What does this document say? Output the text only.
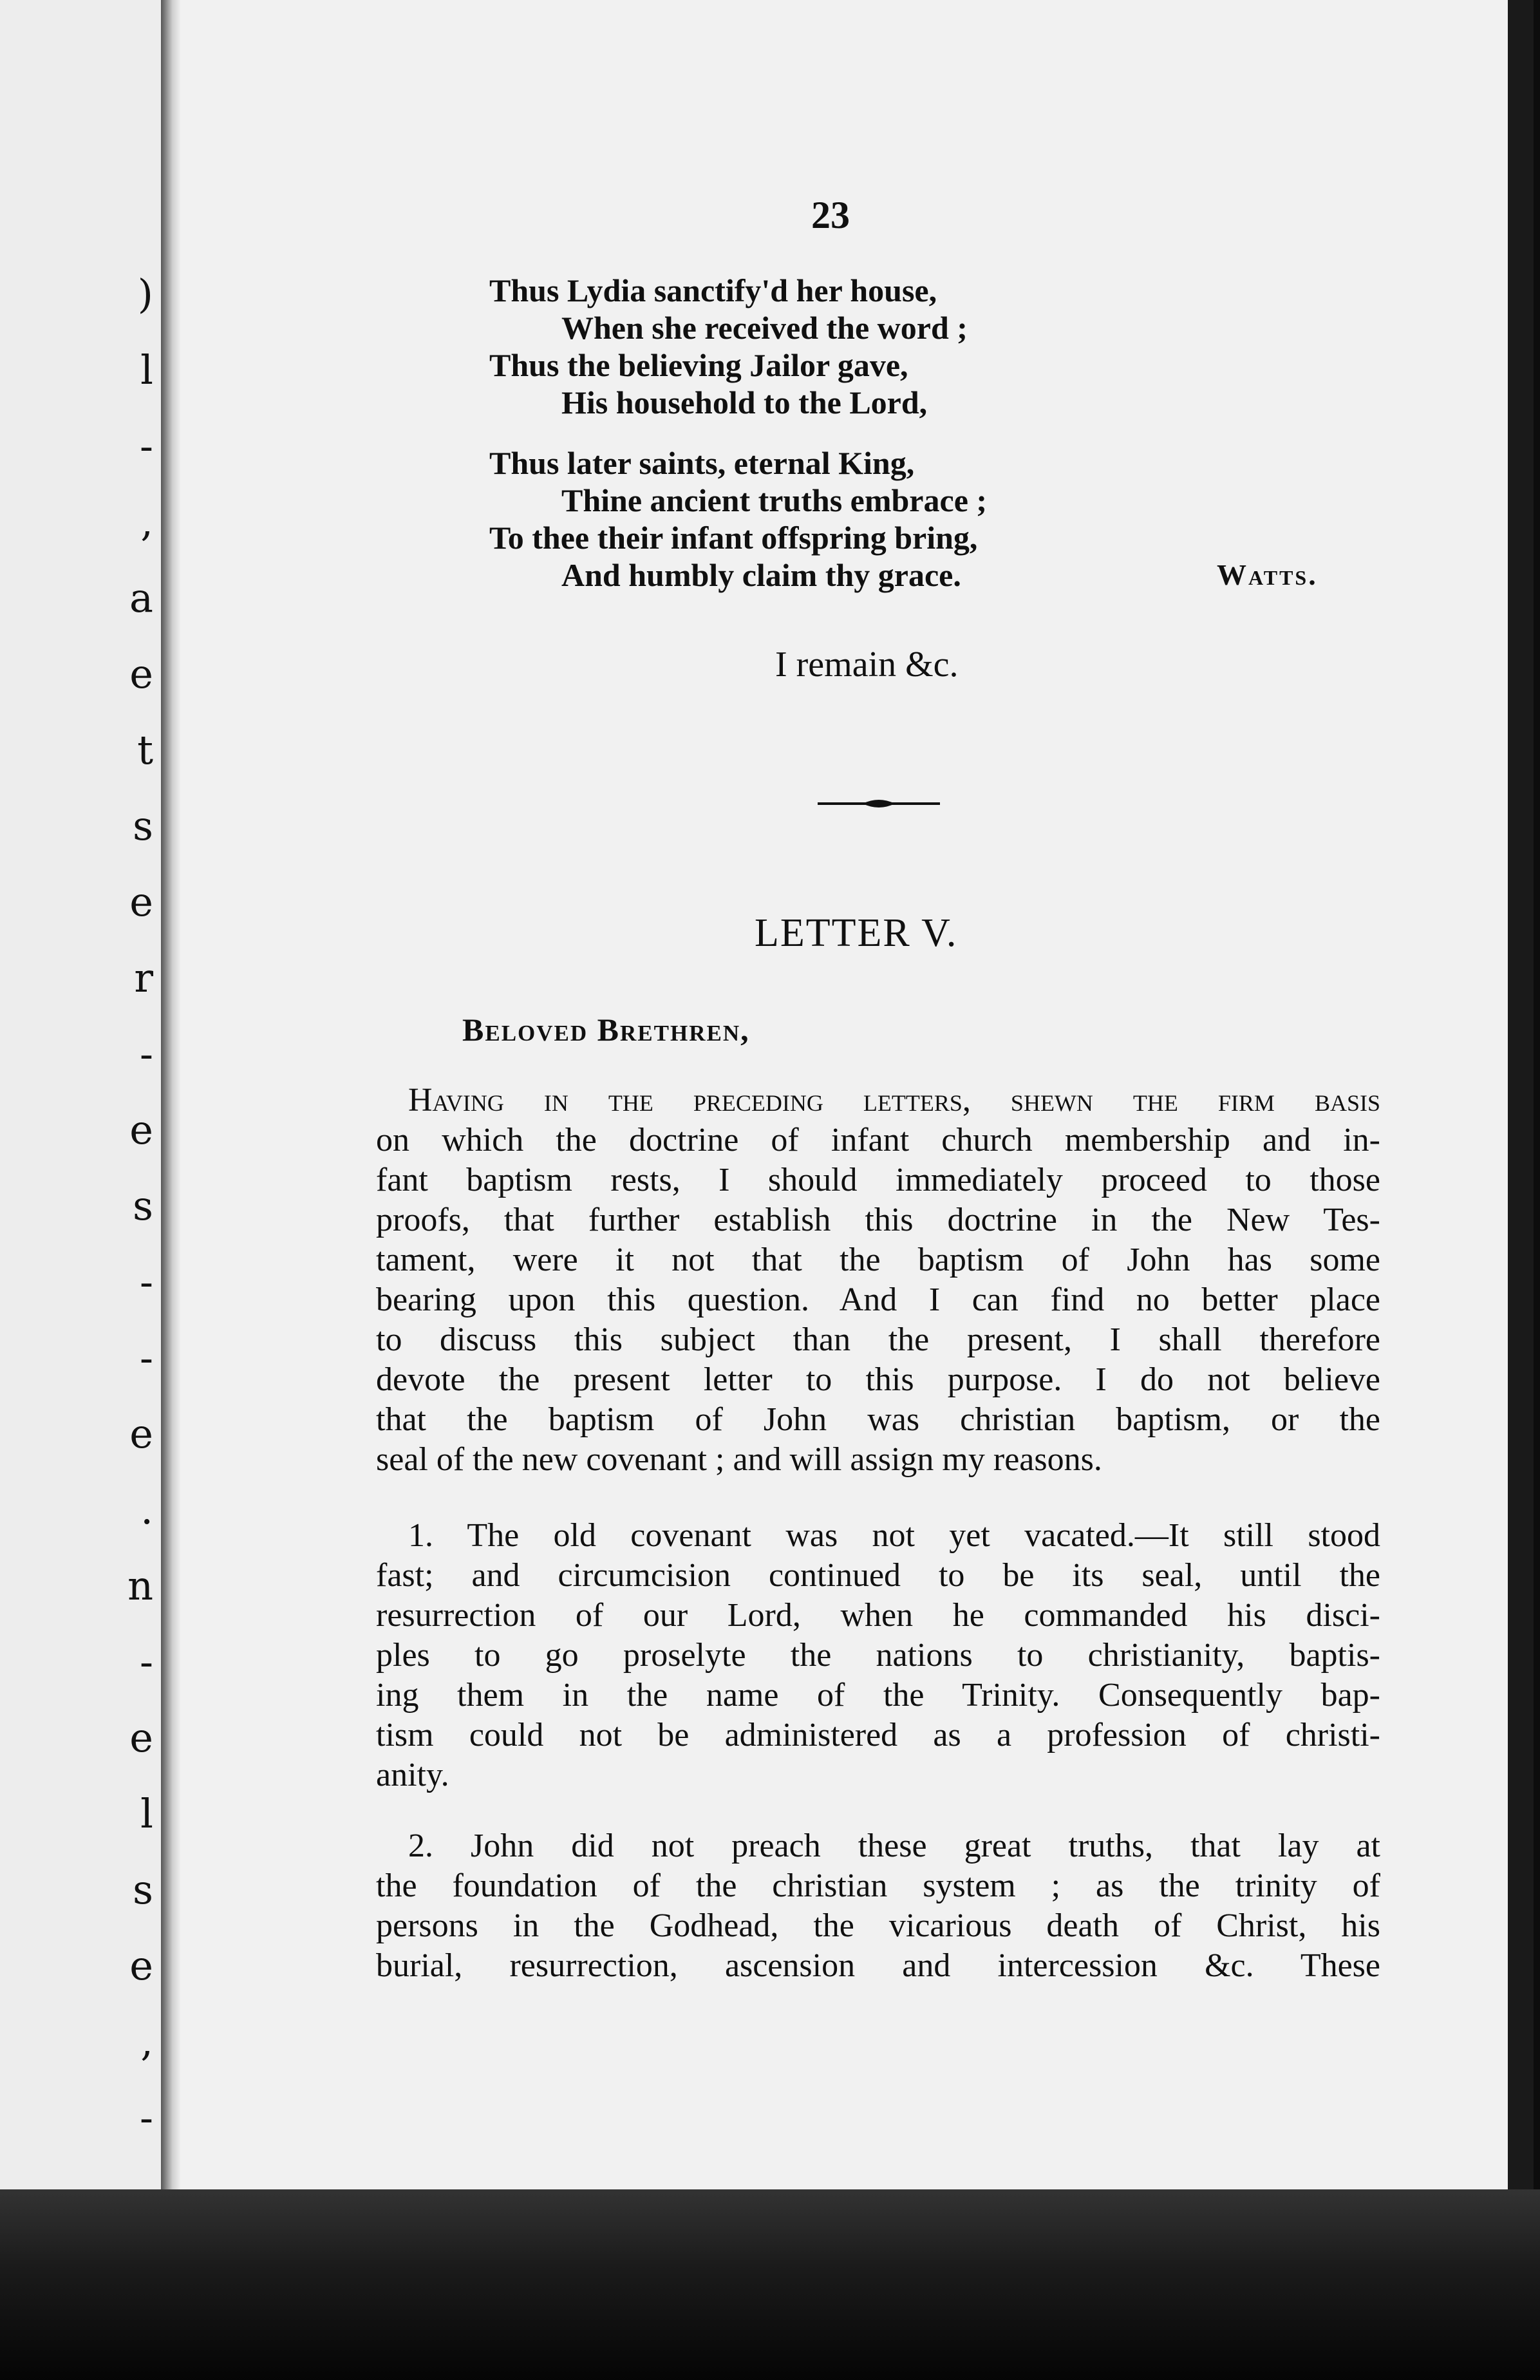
)
l
-
,
a
e
t
s
e
r
-
e
s
-
-
e
.
n
-
e
l
s
e
,
-
23
Thus Lydia sanctify'd her house,
When she received the word ;
Thus the believing Jailor gave,
His household to the Lord,
Thus later saints, eternal King,
Thine ancient truths embrace ;
To thee their infant offspring bring,
And humbly claim thy grace.	Watts.
I remain &c.
LETTER V.
Beloved Brethren,
Having in the preceding letters, shewn the firm basis
on which the doctrine of infant church membership and in-
fant baptism rests, I should immediately proceed to those
proofs, that further establish this doctrine in the New Tes-
tament, were it not that the baptism of John has some
bearing upon this question. And I can find no better place
to discuss this subject than the present, I shall therefore
devote the present letter to this purpose. I do not believe
that the baptism of John was christian baptism, or the
seal of the new covenant ; and will assign my reasons.
1. The old covenant was not yet vacated.—It still stood
fast; and circumcision continued to be its seal, until the
resurrection of our Lord, when he commanded his disci-
ples to go proselyte the nations to christianity, baptis-
ing them in the name of the Trinity. Consequently bap-
tism could not be administered as a profession of christi-
anity.
2. John did not preach these great truths, that lay at
the foundation of the christian system ; as the trinity of
persons in the Godhead, the vicarious death of Christ, his
burial, resurrection, ascension and intercession &c. These
